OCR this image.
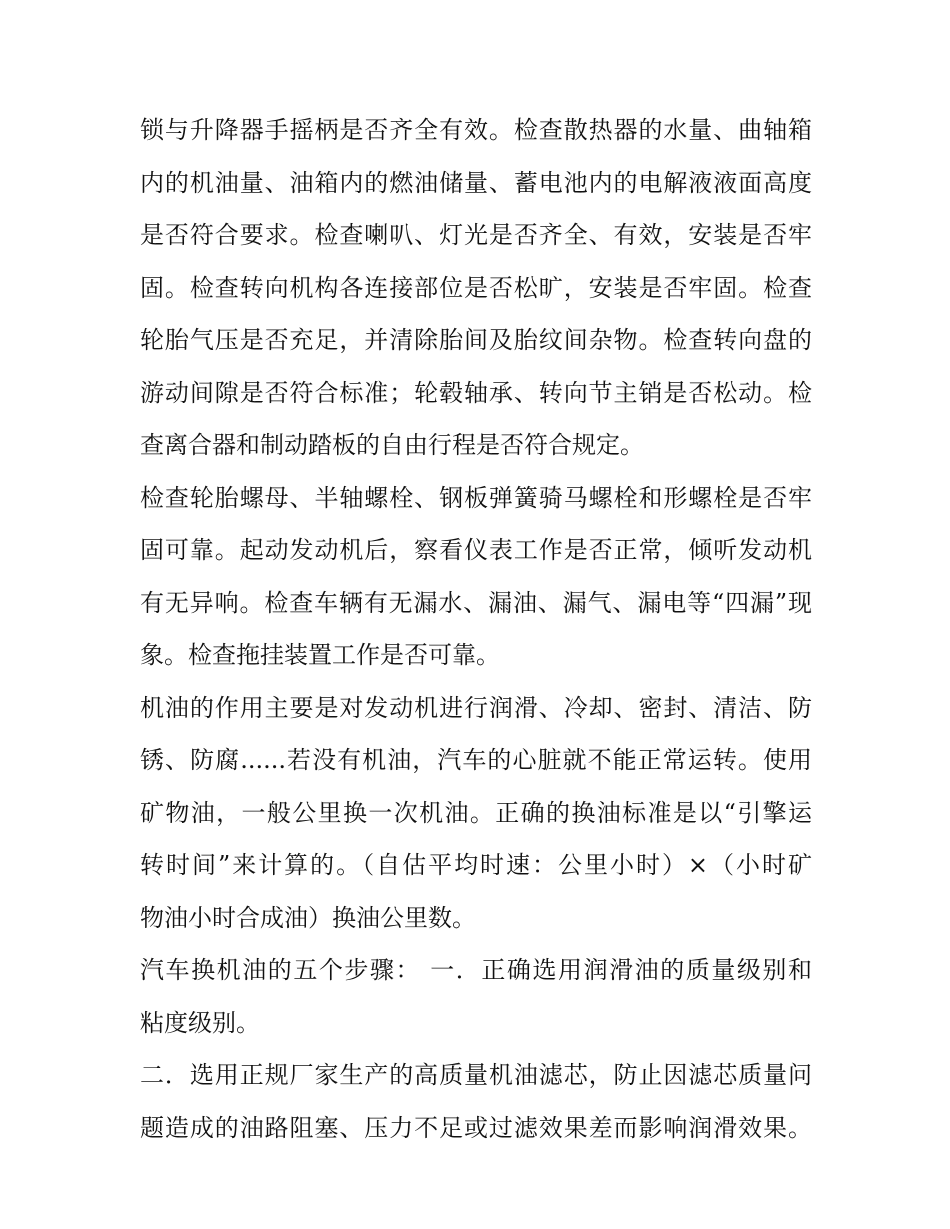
锁与升降器手摇柄是否齐全有效。检查散热器的水量、曲轴箱
内的机油量、油箱内的燃油储量、蓄电池内的电解液液面高度
是否符合要求。检查喇叭、灯光是否齐全、有效，安装是否牢
固。检查转向机构各连接部位是否松旷，安装是否牢固。检查
轮胎气压是否充足，并清除胎间及胎纹间杂物。检查转向盘的
游动间隙是否符合标准；轮毂轴承、转向节主销是否松动。检
查离合器和制动踏板的自由行程是否符合规定。
检查轮胎螺母、半轴螺栓、钢板弹簧骑马螺栓和形螺栓是否牢
固可靠。起动发动机后，察看仪表工作是否正常，倾听发动机
有无异响。检查车辆有无漏水、漏油、漏气、漏电等“四漏”现
象。检查拖挂装置工作是否可靠。
机油的作用主要是对发动机进行润滑、冷却、密封、清洁、防
锈、防腐......若没有机油，汽车的心脏就不能正常运转。使用
矿物油，一般公里换一次机油。正确的换油标准是以“引擎运
转时间”来计算的。（自估平均时速：公里小时）×（小时矿
物油小时合成油）换油公里数。
汽车换机油的五个步骤： 一．正确选用润滑油的质量级别和
粘度级别。
二．选用正规厂家生产的高质量机油滤芯，防止因滤芯质量问
题造成的油路阻塞、压力不足或过滤效果差而影响润滑效果。
